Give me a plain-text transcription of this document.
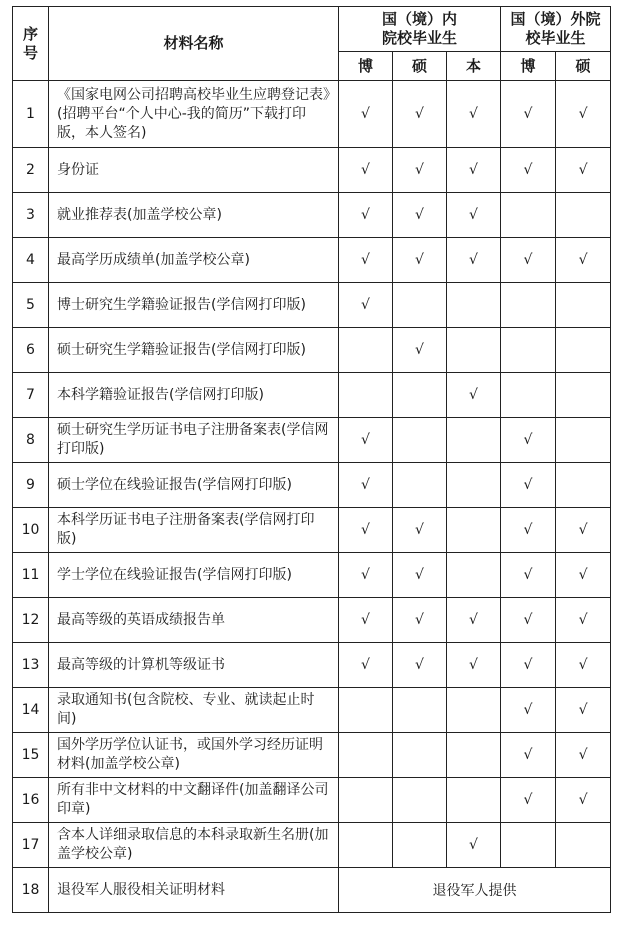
序号	材料名称	国（境）内院校毕业生			国（境）外院校毕业生	
		博	硕	本	博	硕
1	《国家电网公司招聘高校毕业生应聘登记表》(招聘平台“个人中心-我的简历”下载打印版，本人签名)	√	√	√	√	√
2	身份证	√	√	√	√	√
3	就业推荐表(加盖学校公章)	√	√	√		
4	最高学历成绩单(加盖学校公章)	√	√	√	√	√
5	博士研究生学籍验证报告(学信网打印版)	√				
6	硕士研究生学籍验证报告(学信网打印版)		√			
7	本科学籍验证报告(学信网打印版)			√		
8	硕士研究生学历证书电子注册备案表(学信网打印版)	√			√	
9	硕士学位在线验证报告(学信网打印版)	√			√	
10	本科学历证书电子注册备案表(学信网打印版)	√	√		√	√
11	学士学位在线验证报告(学信网打印版)	√	√		√	√
12	最高等级的英语成绩报告单	√	√	√	√	√
13	最高等级的计算机等级证书	√	√	√	√	√
14	录取通知书(包含院校、专业、就读起止时间)				√	√
15	国外学历学位认证书，或国外学习经历证明材料(加盖学校公章)				√	√
16	所有非中文材料的中文翻译件(加盖翻译公司印章)				√	√
17	含本人详细录取信息的本科录取新生名册(加盖学校公章)			√		
18	退役军人服役相关证明材料	退役军人提供				
